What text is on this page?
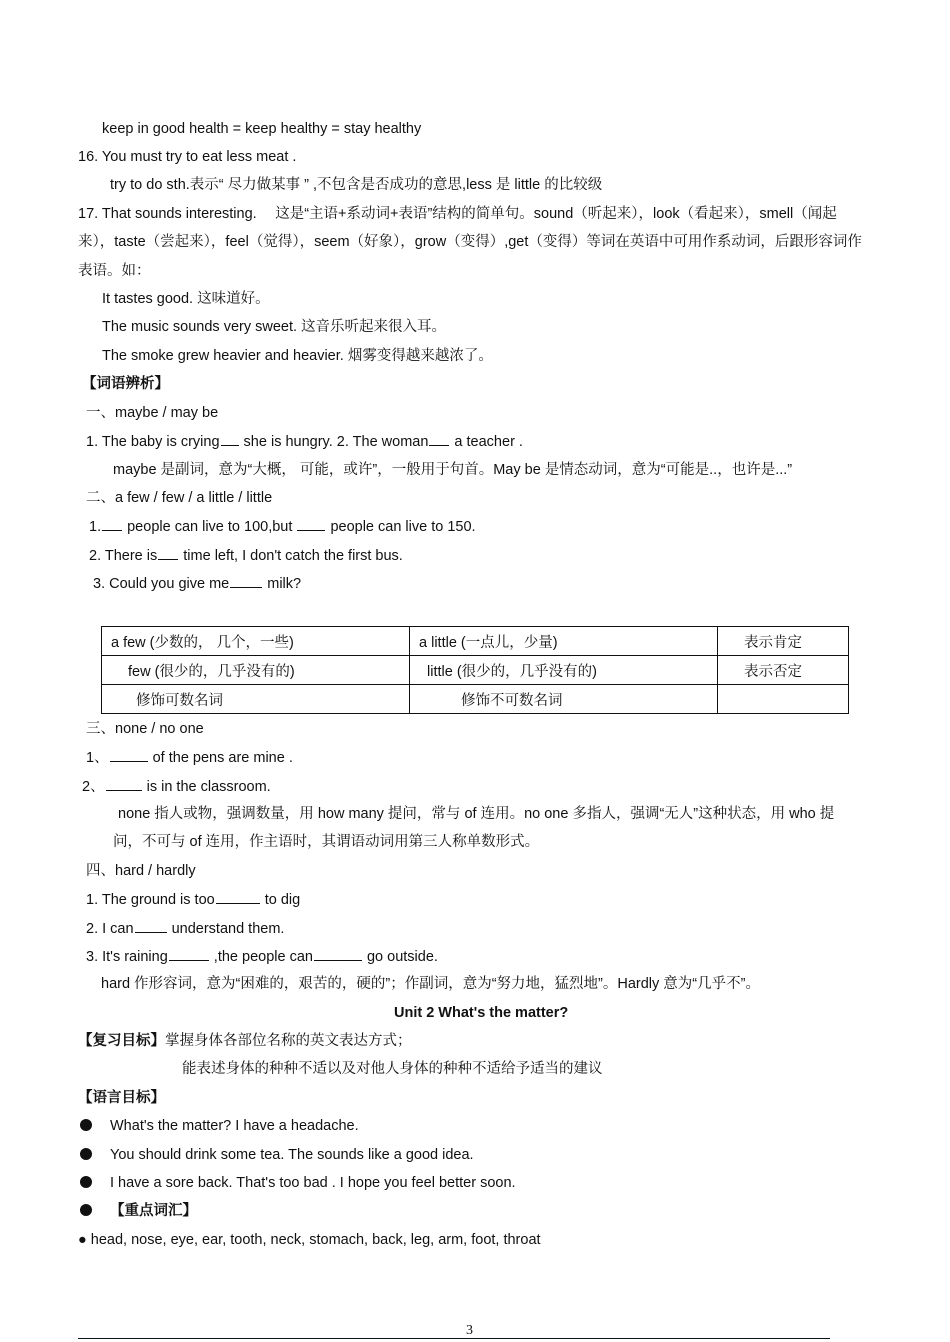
keep in good health = keep healthy = stay healthy
16. You must try to eat less meat .
try to do sth.表示“ 尽力做某事 ” ,不包含是否成功的意思,less 是 little 的比较级
17. That sounds interesting.　 这是“主语+系动词+表语”结构的简单句。sound（听起来），look（看起来），smell（闻起
来），taste（尝起来），feel（觉得），seem（好象），grow（变得）,get（变得）等词在英语中可用作系动词，后跟形容词作
表语。如：
It tastes good. 这味道好。
The music sounds very sweet. 这音乐听起来很入耳。
The smoke grew heavier and heavier. 烟雾变得越来越浓了。
【词语辨析】
一、maybe / may be
1. The baby is crying she is hungry. 2. The woman a teacher .
maybe 是副词，意为“大概， 可能，或许”，一般用于句首。May be 是情态动词，意为“可能是..，也许是...”
二、a few / few / a little / little
1. people can live to 100,but  people can live to 150.
2. There is time left, I don't catch the first bus.
3. Could you give me milk?
a few (少数的， 几个，一些)	a little (一点儿，少量)	表示肯定
few (很少的，几乎没有的)	little (很少的，几乎没有的)	表示否定
修饰可数名词	修饰不可数名词	
三、none / no one
1、	of the pens are mine .
2、	is in the classroom.
none 指人或物，强调数量，用 how many 提问，常与 of 连用。no one 多指人，强调“无人”这种状态，用 who 提
问，不可与 of 连用，作主语时，其谓语动词用第三人称单数形式。
四、hard / hardly
1. The ground is too	to dig
2. I can understand them.
3. It's raining	,the people can	go outside.
hard 作形容词，意为“困难的，艰苦的，硬的”；作副词，意为“努力地，猛烈地”。Hardly 意为“几乎不”。
Unit 2 What's the matter?
【复习目标】掌握身体各部位名称的英文表达方式；
能表述身体的种种不适以及对他人身体的种种不适给予适当的建议
【语言目标】
What's the matter? I have a headache.
You should drink some tea. The sounds like a good idea.
I have a sore back. That's too bad . I hope you feel better soon.
【重点词汇】
● head, nose, eye, ear, tooth, neck, stomach, back, leg, arm, foot, throat
3
